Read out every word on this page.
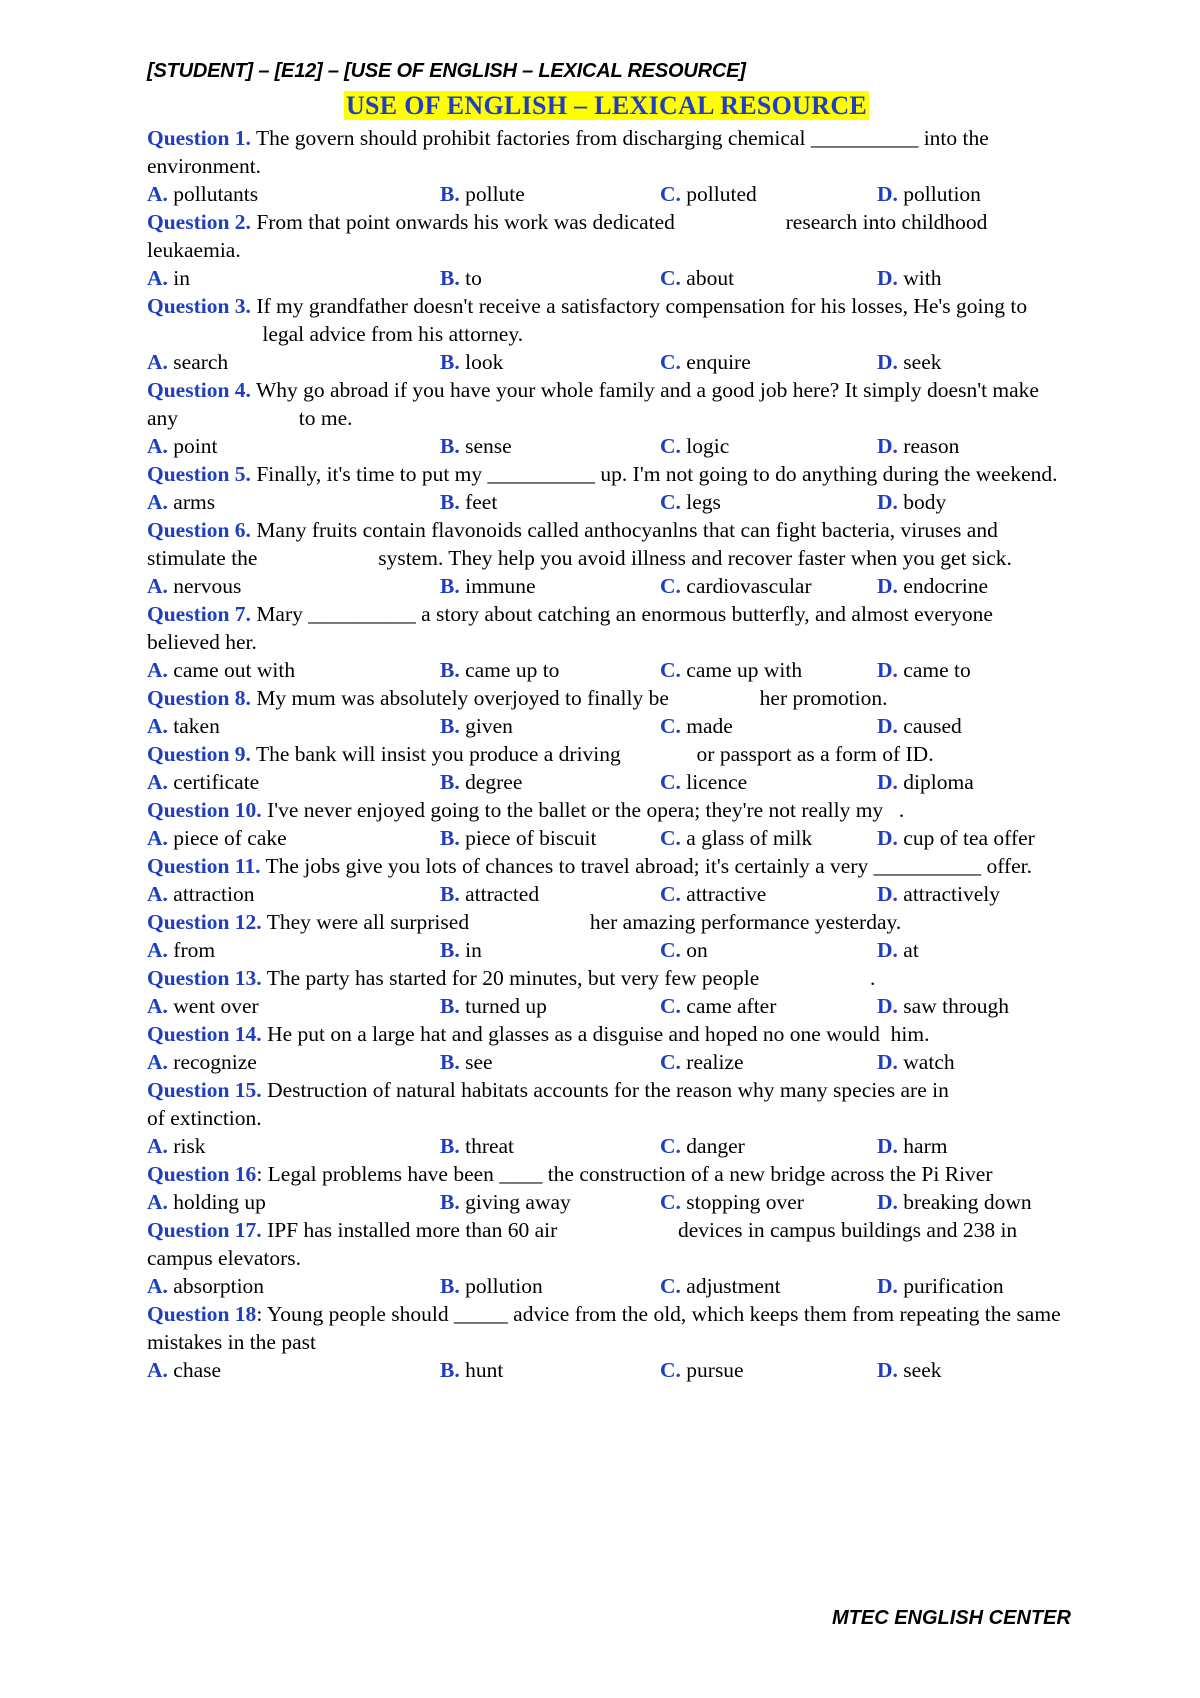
[STUDENT] – [E12] – [USE OF ENGLISH – LEXICAL RESOURCE]
USE OF ENGLISH – LEXICAL RESOURCE
Question 1. The govern should prohibit factories from discharging chemical __________ into the environment.
A. pollutants	B. pollute	C. polluted	D. pollution
Question 2. From that point onwards his work was dedicated	research into childhood leukaemia.
A. in	B. to	C. about	D. with
Question 3. If my grandfather doesn't receive a satisfactory compensation for his losses, He's going to  legal advice from his attorney.
A. search	B. look	C. enquire	D. seek
Question 4. Why go abroad if you have your whole family and a good job here? It simply doesn't make any	to me.
A. point	B. sense	C. logic	D. reason
Question 5. Finally, it's time to put my __________ up. I'm not going to do anything during the weekend.
A. arms	B. feet	C. legs	D. body
Question 6. Many fruits contain flavonoids called anthocyanlns that can fight bacteria, viruses and stimulate the	system. They help you avoid illness and recover faster when you get sick.
A. nervous	B. immune	C. cardiovascular	D. endocrine
Question 7. Mary __________ a story about catching an enormous butterfly, and almost everyone believed her.
A. came out with	B. came up to	C. came up with	D. came to
Question 8. My mum was absolutely overjoyed to finally be	her promotion.
A. taken	B. given	C. made	D. caused
Question 9. The bank will insist you produce a driving	or passport as a form of ID.
A. certificate	B. degree	C. licence	D. diploma
Question 10. I've never enjoyed going to the ballet or the opera; they're not really my .
A. piece of cake	B. piece of biscuit	C. a glass of milk	D. cup of tea offer
Question 11. The jobs give you lots of chances to travel abroad; it's certainly a very __________ offer.
A. attraction	B. attracted	C. attractive	D. attractively
Question 12. They were all surprised	her amazing performance yesterday.
A. from	B. in	C. on	D. at
Question 13. The party has started for 20 minutes, but very few people	.
A. went over	B. turned up	C. came after	D. saw through
Question 14. He put on a large hat and glasses as a disguise and hoped no one would him.
A. recognize	B. see	C. realize	D. watch
Question 15. Destruction of natural habitats accounts for the reason why many species are in  of extinction.
A. risk	B. threat	C. danger	D. harm
Question 16: Legal problems have been ____ the construction of a new bridge across the Pi River
A. holding up	B. giving away	C. stopping over	D. breaking down
Question 17. IPF has installed more than 60 air	devices in campus buildings and 238 in campus elevators.
A. absorption	B. pollution	C. adjustment	D. purification
Question 18: Young people should _____ advice from the old, which keeps them from repeating the same mistakes in the past
A. chase	B. hunt	C. pursue	D. seek
MTEC ENGLISH CENTER
